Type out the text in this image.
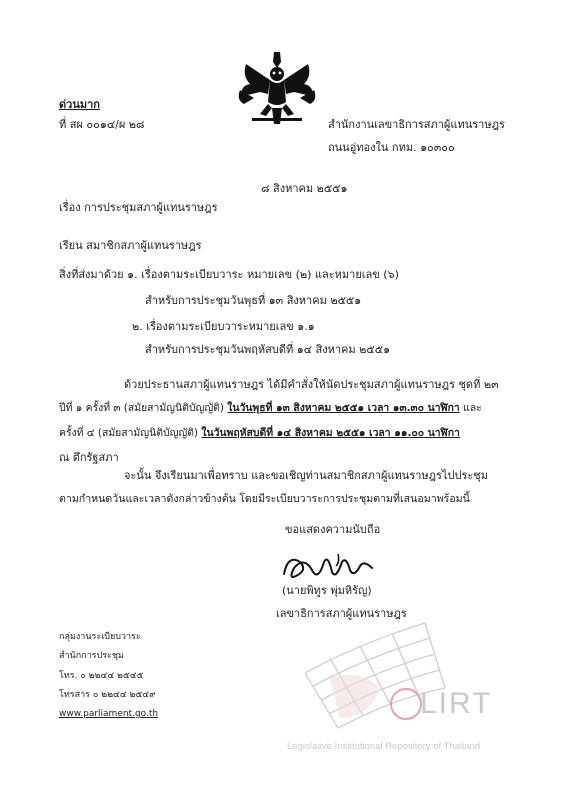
ด่วนมาก
ที่ สผ ๐๐๑๔/ผ ๒๘	สำนักงานเลขาธิการสภาผู้แทนราษฎร
ถนนอู่ทองใน กทม. ๑๐๓๐๐
๘ สิงหาคม ๒๕๕๑
เรื่อง การประชุมสภาผู้แทนราษฎร
เรียน สมาชิกสภาผู้แทนราษฎร
สิ่งที่ส่งมาด้วย ๑. เรื่องตามระเบียบวาระ หมายเลข (๒) และหมายเลข (๖)
สำหรับการประชุมวันพุธที่ ๑๓ สิงหาคม ๒๕๕๑
๒. เรื่องตามระเบียบวาระหมายเลข ๑.๑
สำหรับการประชุมวันพฤหัสบดีที่ ๑๔ สิงหาคม ๒๕๕๑
ด้วยประธานสภาผู้แทนราษฎร ได้มีคำสั่งให้นัดประชุมสภาผู้แทนราษฎร ชุดที่ ๒๓
ปีที่ ๑ ครั้งที่ ๓ (สมัยสามัญนิติบัญญัติ) ในวันพุธที่ ๑๓ สิงหาคม ๒๕๕๑ เวลา ๑๓.๓๐ นาฬิกา และ
ครั้งที่ ๔ (สมัยสามัญนิติบัญญัติ) ในวันพฤหัสบดีที่ ๑๔ สิงหาคม ๒๕๕๑ เวลา ๑๑.๐๐ นาฬิกา
ณ ตึกรัฐสภา
จะนั้น จึงเรียนมาเพื่อทราบ และขอเชิญท่านสมาชิกสภาผู้แทนราษฎรไปประชุม
ตามกำหนดวันและเวลาดังกล่าวข้างต้น โดยมีระเบียบวาระการประชุมตามที่เสนอมาพร้อมนี้
ขอแสดงความนับถือ
(นายพิทูร พุ่มหิรัญ)
เลขาธิการสภาผู้แทนราษฎร
LIRT
Legislative Institutional Repository of Thailand
กลุ่มงานระเบียบวาระ
สำนักการประชุม
โทร. ๐ ๒๒๔๔ ๒๕๔๕
โทรสาร ๐ ๒๒๔๔ ๒๕๔๙
www.parliament.go.th
